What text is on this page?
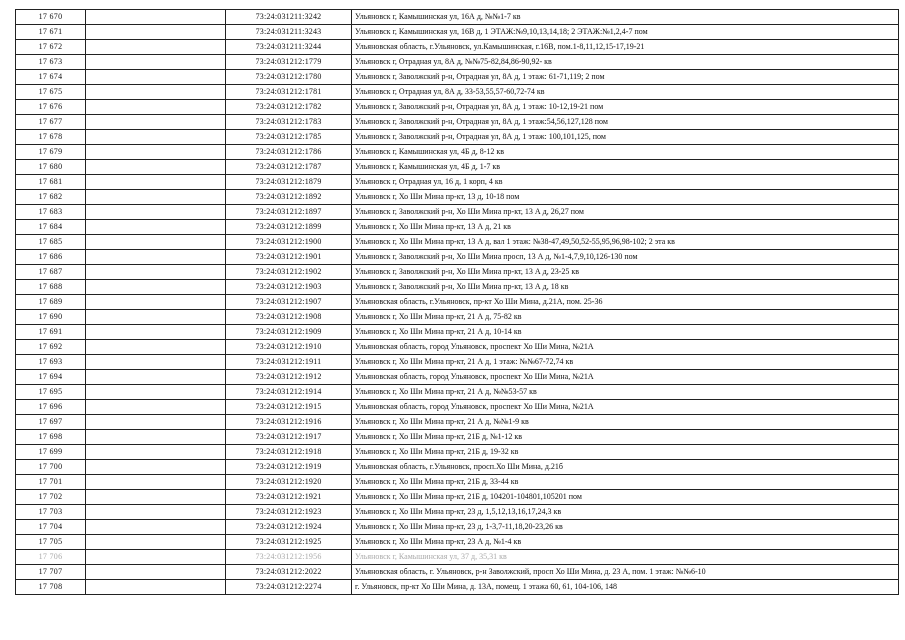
17 670		73:24:031211:3242	Ульяновск г, Камышинская ул, 16А д, №№1-7 кв
17 671		73:24:031211:3243	Ульяновск г, Камышинская ул, 16В д, 1 ЭТАЖ:№9,10,13,14,18; 2 ЭТАЖ:№1,2,4-7 пом
17 672		73:24:031211:3244	Ульяновская область, г.Ульяновск, ул.Камышинская, г.16В, пом.1-8,11,12,15-17,19-21
17 673		73:24:031212:1779	Ульяновск г, Отрадная ул, 8А д, №№75-82,84,86-90,92- кв
17 674		73:24:031212:1780	Ульяновск г, Заволжский р-н, Отрадная ул, 8А д, 1 этаж: 61-71,119; 2 пом
17 675		73:24:031212:1781	Ульяновск г, Отрадная ул, 8А д, 33-53,55,57-60,72-74 кв
17 676		73:24:031212:1782	Ульяновск г, Заволжский р-н, Отрадная ул, 8А д, 1 этаж: 10-12,19-21 пом
17 677		73:24:031212:1783	Ульяновск г, Заволжский р-н, Отрадная ул, 8А д, 1 этаж:54,56,127,128 пом
17 678		73:24:031212:1785	Ульяновск г, Заволжский р-н, Отрадная ул, 8А д, 1 этаж: 100,101,125, пом
17 679		73:24:031212:1786	Ульяновск г, Камышинская ул, 4Б д, 8-12 кв
17 680		73:24:031212:1787	Ульяновск г, Камышинская ул, 4Б д, 1-7 кв
17 681		73:24:031212:1879	Ульяновск г, Отрадная ул, 16 д, 1 корп, 4 кв
17 682		73:24:031212:1892	Ульяновск г, Хо Ши Мина пр-кт, 13 д, 10-18 пом
17 683		73:24:031212:1897	Ульяновск г, Заволжский р-н, Хо Ши Мина пр-кт, 13 А д, 26,27 пом
17 684		73:24:031212:1899	Ульяновск г, Хо Ши Мина пр-кт, 13 А д, 21 кв
17 685		73:24:031212:1900	Ульяновск г, Хо Ши Мина пр-кт, 13 А д, вал 1 этаж: №38-47,49,50,52-55,95,96,98-102; 2 эта кв
17 686		73:24:031212:1901	Ульяновск г, Заволжский р-н, Хо Ши Мина просп, 13 А д, №1-4,7,9,10,126-130 пом
17 687		73:24:031212:1902	Ульяновск г, Заволжский р-н, Хо Ши Мина пр-кт, 13 А д, 23-25 кв
17 688		73:24:031212:1903	Ульяновск г, Заволжский р-н, Хо Ши Мина пр-кт, 13 А д, 18 кв
17 689		73:24:031212:1907	Ульяновская область, г.Ульяновск, пр-кт Хо Ши Мина, д.21А, пом. 25-36
17 690		73:24:031212:1908	Ульяновск г, Хо Ши Мина пр-кт, 21 А д, 75-82 кв
17 691		73:24:031212:1909	Ульяновск г, Хо Ши Мина пр-кт, 21 А д, 10-14 кв
17 692		73:24:031212:1910	Ульяновская область, город Ульяновск, проспект Хо Ши Мина, №21А
17 693		73:24:031212:1911	Ульяновск г, Хо Ши Мина пр-кт, 21 А д, 1 этаж: №№67-72,74 кв
17 694		73:24:031212:1912	Ульяновская область, город Ульяновск, проспект Хо Ши Мина, №21А
17 695		73:24:031212:1914	Ульяновск г, Хо Ши Мина пр-кт, 21 А д, №№53-57 кв
17 696		73:24:031212:1915	Ульяновская область, город Ульяновск, проспект Хо Ши Мина, №21А
17 697		73:24:031212:1916	Ульяновск г, Хо Ши Мина пр-кт, 21 А д, №№1-9 кв
17 698		73:24:031212:1917	Ульяновск г, Хо Ши Мина пр-кт, 21Б д, №1-12 кв
17 699		73:24:031212:1918	Ульяновск г, Хо Ши Мина пр-кт, 21Б д, 19-32 кв
17 700		73:24:031212:1919	Ульяновская область, г.Ульяновск, просп.Хо Ши Мина, д.21б
17 701		73:24:031212:1920	Ульяновск г, Хо Ши Мина пр-кт, 21Б д, 33-44 кв
17 702		73:24:031212:1921	Ульяновск г, Хо Ши Мина пр-кт, 21Б д, 104201-104801,105201 пом
17 703		73:24:031212:1923	Ульяновск г, Хо Ши Мина пр-кт, 23 д, 1,5,12,13,16,17,24,3 кв
17 704		73:24:031212:1924	Ульяновск г, Хо Ши Мина пр-кт, 23 д, 1-3,7-11,18,20-23,26 кв
17 705		73:24:031212:1925	Ульяновск г, Хо Ши Мина пр-кт, 23 А д, №1-4 кв
17 706		73:24:031212:1956	Ульяновск г, Камышинская ул, 37 д, 35,31 кв
17 707		73:24:031212:2022	Ульяновская область, г. Ульяновск, р-н Заволжский, просп Хо Ши Мина, д. 23 А, пом. 1 этаж: №№6-10
17 708		73:24:031212:2274	г. Ульяновск, пр-кт Хо Ши Мина, д. 13А, помещ. 1 этажа 60, 61, 104-106, 148
